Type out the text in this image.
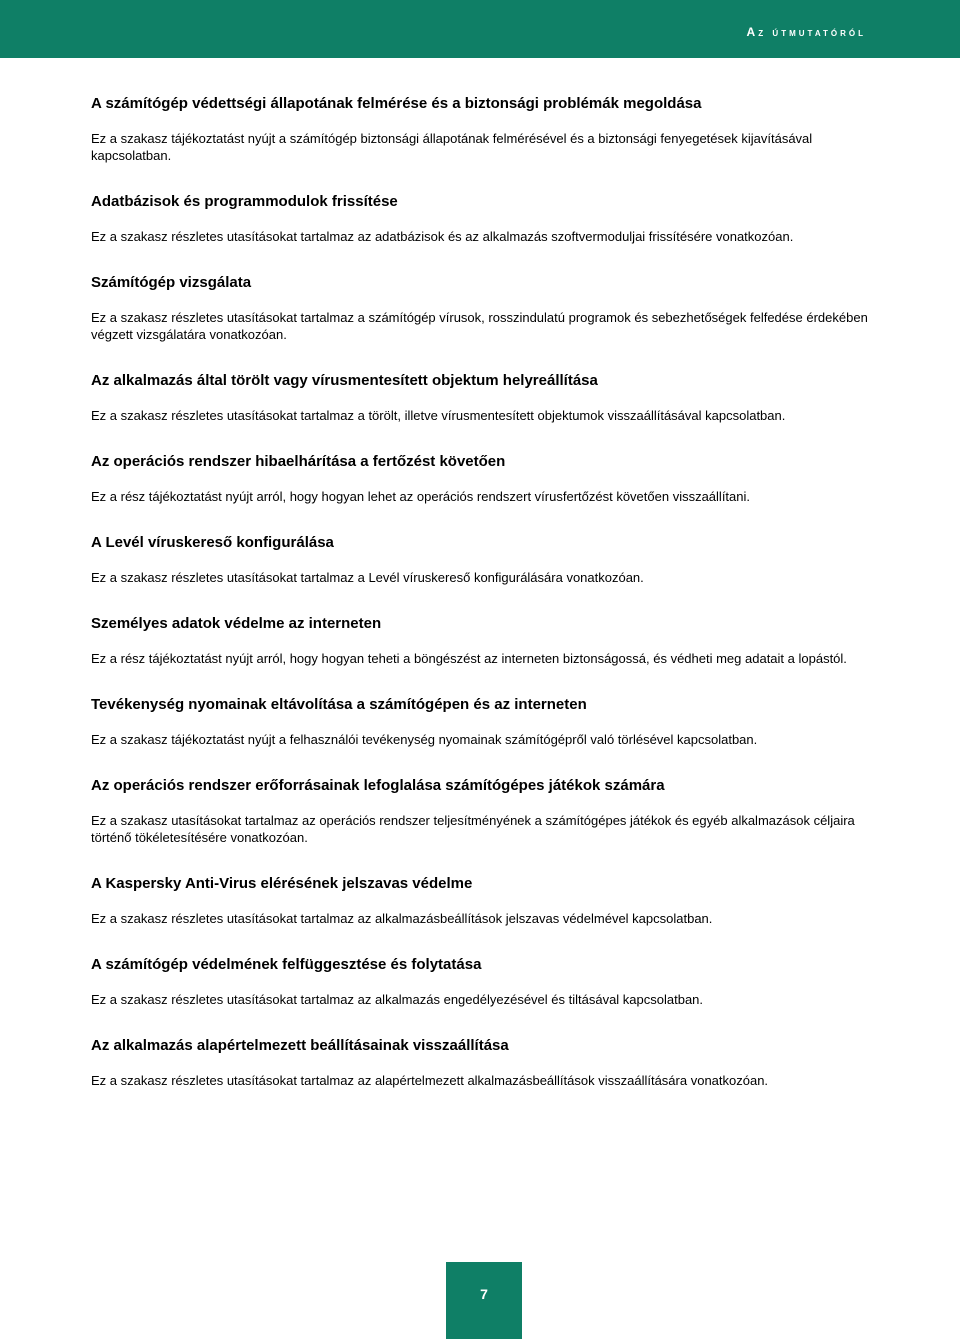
Az útmutatóról
A számítógép védettségi állapotának felmérése és a biztonsági problémák megoldása
Ez a szakasz tájékoztatást nyújt a számítógép biztonsági állapotának felmérésével és a biztonsági fenyegetések kijavításával kapcsolatban.
Adatbázisok és programmodulok frissítése
Ez a szakasz részletes utasításokat tartalmaz az adatbázisok és az alkalmazás szoftvermoduljai frissítésére vonatkozóan.
Számítógép vizsgálata
Ez a szakasz részletes utasításokat tartalmaz a számítógép vírusok, rosszindulatú programok és sebezhetőségek felfedése érdekében végzett vizsgálatára vonatkozóan.
Az alkalmazás által törölt vagy vírusmentesített objektum helyreállítása
Ez a szakasz részletes utasításokat tartalmaz a törölt, illetve vírusmentesített objektumok visszaállításával kapcsolatban.
Az operációs rendszer hibaelhárítása a fertőzést követően
Ez a rész tájékoztatást nyújt arról, hogy hogyan lehet az operációs rendszert vírusfertőzést követően visszaállítani.
A Levél víruskereső konfigurálása
Ez a szakasz részletes utasításokat tartalmaz a Levél víruskereső konfigurálására vonatkozóan.
Személyes adatok védelme az interneten
Ez a rész tájékoztatást nyújt arról, hogy hogyan teheti a böngészést az interneten biztonságossá, és védheti meg adatait a lopástól.
Tevékenység nyomainak eltávolítása a számítógépen és az interneten
Ez a szakasz tájékoztatást nyújt a felhasználói tevékenység nyomainak számítógépről való törlésével kapcsolatban.
Az operációs rendszer erőforrásainak lefoglalása számítógépes játékok számára
Ez a szakasz utasításokat tartalmaz az operációs rendszer teljesítményének a számítógépes játékok és egyéb alkalmazások céljaira történő tökéletesítésére vonatkozóan.
A Kaspersky Anti-Virus elérésének jelszavas védelme
Ez a szakasz részletes utasításokat tartalmaz az alkalmazásbeállítások jelszavas védelmével kapcsolatban.
A számítógép védelmének felfüggesztése és folytatása
Ez a szakasz részletes utasításokat tartalmaz az alkalmazás engedélyezésével és tiltásával kapcsolatban.
Az alkalmazás alapértelmezett beállításainak visszaállítása
Ez a szakasz részletes utasításokat tartalmaz az alapértelmezett alkalmazásbeállítások visszaállítására vonatkozóan.
7
